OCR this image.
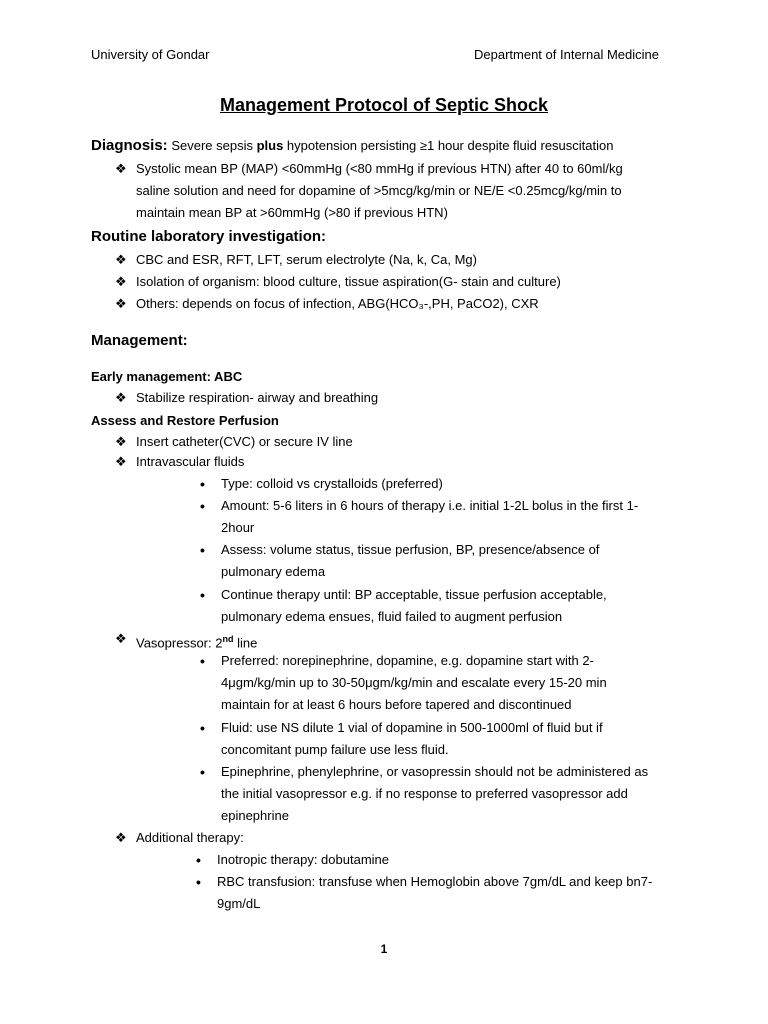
University of Gondar	Department of Internal Medicine
Management Protocol of Septic Shock
Diagnosis: Severe sepsis plus hypotension persisting ≥1 hour despite fluid resuscitation
❖ Systolic mean BP (MAP) <60mmHg (<80 mmHg if previous HTN) after 40 to 60ml/kg
saline solution and need for dopamine of >5mcg/kg/min or NE/E <0.25mcg/kg/min to
maintain mean BP at >60mmHg (>80 if previous HTN)
Routine laboratory investigation:
❖ CBC and ESR, RFT, LFT, serum electrolyte (Na, k, Ca, Mg)
❖ Isolation of organism: blood culture, tissue aspiration(G- stain and culture)
❖ Others: depends on focus of infection, ABG(HCO₃-,PH, PaCO2), CXR
Management:
Early management: ABC
❖ Stabilize respiration- airway and breathing
Assess and Restore Perfusion
❖ Insert catheter(CVC) or secure IV line
❖ Intravascular fluids
• Type: colloid vs crystalloids (preferred)
• Amount: 5-6 liters in 6 hours of therapy i.e. initial 1-2L bolus in the first 1-
2hour
• Assess: volume status, tissue perfusion, BP, presence/absence of
pulmonary edema
• Continue therapy until: BP acceptable, tissue perfusion acceptable,
pulmonary edema ensues, fluid failed to augment perfusion
❖ Vasopressor: 2nd line
• Preferred: norepinephrine, dopamine, e.g. dopamine start with 2-
4μgm/kg/min up to 30-50μgm/kg/min and escalate every 15-20 min
maintain for at least 6 hours before tapered and discontinued
• Fluid: use NS dilute 1 vial of dopamine in 500-1000ml of fluid but if
concomitant pump failure use less fluid.
• Epinephrine, phenylephrine, or vasopressin should not be administered as
the initial vasopressor e.g. if no response to preferred vasopressor add
epinephrine
❖ Additional therapy:
• Inotropic therapy: dobutamine
• RBC transfusion: transfuse when Hemoglobin above 7gm/dL and keep bn7-
9gm/dL
1
